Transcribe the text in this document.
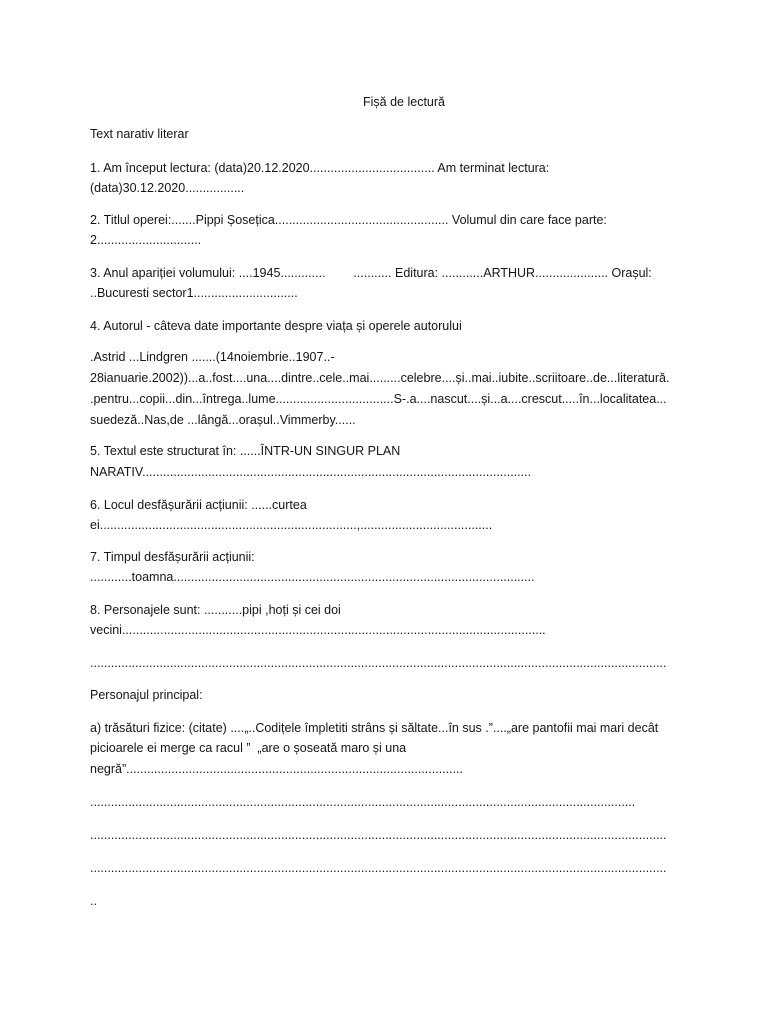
Fișă de lectură
Text narativ literar
1. Am început lectura: (data)20.12.2020.................................... Am terminat lectura:
(data)30.12.2020.................
2. Titlul operei:.......Pippi Șosețica.................................................. Volumul din care face parte:
2..............................
3. Anul apariției volumului: ....1945.............        ........... Editura: ............ARTHUR..................... Orașul:
..Bucuresti sector1..............................
4. Autorul - câteva date importante despre viața și operele autorului
.Astrid ...Lindgren .......(14noiembrie..1907..-
28ianuarie.2002))...a..fost....una....dintre..cele..mai.........celebre....și..mai..iubite..scriitoare..de...literatură.
.pentru...copii...din...întrega..lume..................................S-.a....nascut....și...a....crescut.....în...localitatea...
suedeză..Nas,de ...lângă...orașul..Vimmerby......
5. Textul este structurat în: ......ÎNTR-UN SINGUR PLAN
NARATIV................................................................................................................
6. Locul desfășurării acțiunii: ......curtea
ei..........................................................................,......................................
7. Timpul desfășurării acțiunii:
............toamna........................................................................................................
8. Personajele sunt: ...........pipi ,hoți și cei doi
vecini..........................................................................................................................
......................................................................................................................................................................
Personajul principal:
a) trăsături fizice: (citate) ....„..Codițele împletiti strâns și săltate...în sus .”....„are pantofii mai mari decât
picioarele ei merge ca racul ”  „are o șoseată maro și una
negră”.................................................................................................
.............................................................................................................................................................
......................................................................................................................................................................
......................................................................................................................................................................
..
